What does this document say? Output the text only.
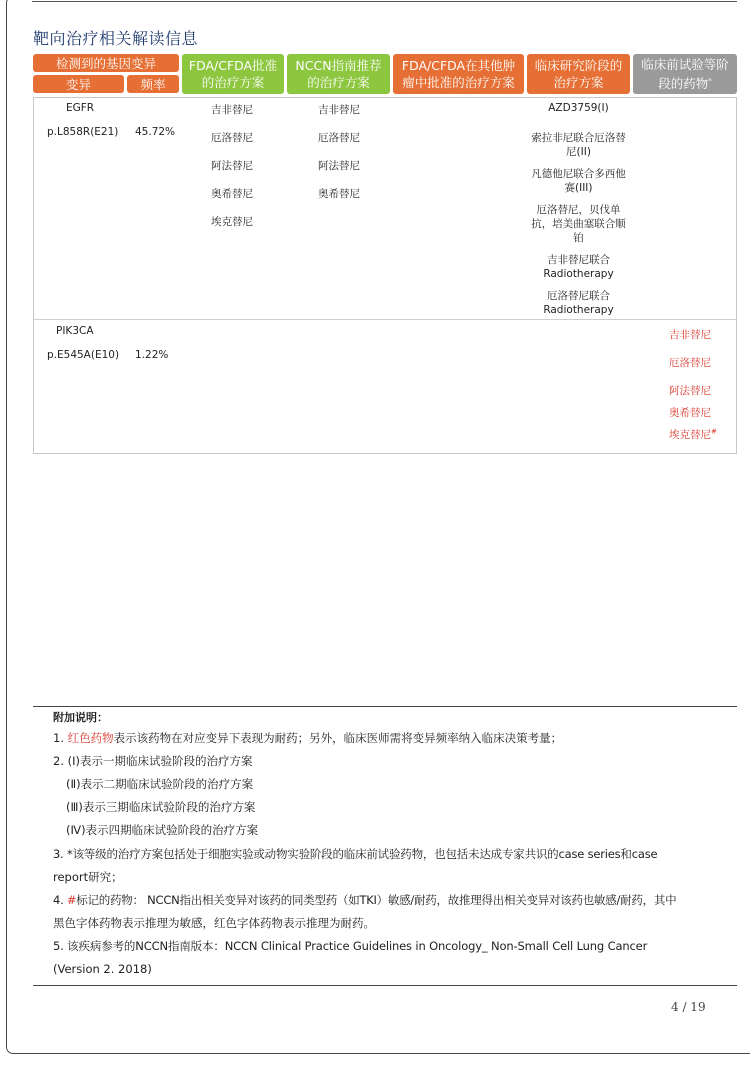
靶向治疗相关解读信息
检测到的基因变异
变异	频率
FDA/CFDA批准
的治疗方案
NCCN指南推荐
的治疗方案
FDA/CFDA在其他肿
瘤中批准的治疗方案
临床研究阶段的
治疗方案
临床前试验等阶
段的药物*
EGFR
p.L858R(E21) 45.72%
吉非替尼
厄洛替尼
阿法替尼
奥希替尼
埃克替尼
吉非替尼
厄洛替尼
阿法替尼
奥希替尼
AZD3759(I)
索拉非尼联合厄洛替尼(II)
凡德他尼联合多西他赛(III)
厄洛替尼，贝伐单抗，培美曲塞联合顺铂
吉非替尼联合Radiotherapy
厄洛替尼联合Radiotherapy
PIK3CA
p.E545A(E10) 1.22%
吉非替尼
厄洛替尼
阿法替尼
奥希替尼
埃克替尼#
附加说明：
1. 红色药物表示该药物在对应变异下表现为耐药；另外，临床医师需将变异频率纳入临床决策考量；
2. (Ⅰ)表示一期临床试验阶段的治疗方案
(Ⅱ)表示二期临床试验阶段的治疗方案
(Ⅲ)表示三期临床试验阶段的治疗方案
(Ⅳ)表示四期临床试验阶段的治疗方案
3. *该等级的治疗方案包括处于细胞实验或动物实验阶段的临床前试验药物，也包括未达成专家共识的case series和case
report研究；
4. #标记的药物： NCCN指出相关变异对该药的同类型药（如TKI）敏感/耐药，故推理得出相关变异对该药也敏感/耐药，其中
黑色字体药物表示推理为敏感，红色字体药物表示推理为耐药。
5. 该疾病参考的NCCN指南版本：NCCN Clinical Practice Guidelines in Oncology_ Non-Small Cell Lung Cancer
(Version 2. 2018)
4 / 19
